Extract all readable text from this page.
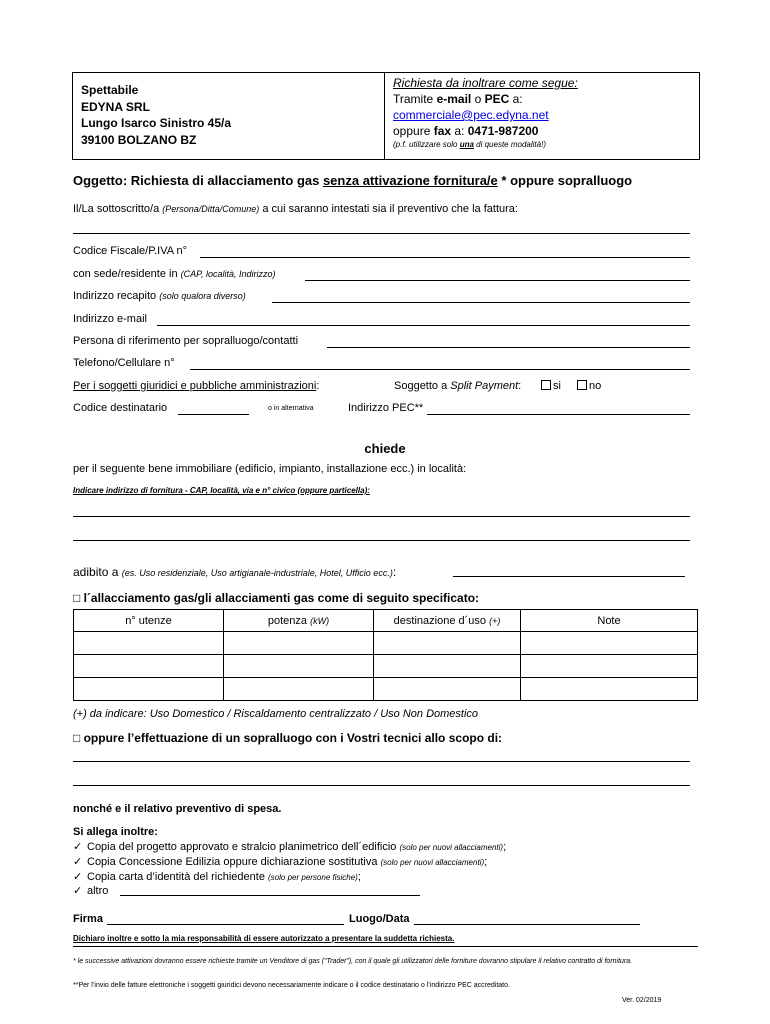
Spettabile
EDYNA SRL
Lungo Isarco Sinistro 45/a
39100 BOLZANO BZ
Richiesta da inoltrare come segue:
Tramite e-mail o PEC a:
commerciale@pec.edyna.net
oppure fax a: 0471-987200
(p.f. utilizzare solo una di queste modalità!)
Oggetto: Richiesta di allacciamento gas senza attivazione fornitura/e * oppure sopralluogo
Il/La sottoscritto/a (Persona/Ditta/Comune) a cui saranno intestati sia il preventivo che la fattura:
Codice Fiscale/P.IVA n°
con sede/residente in (CAP, località, Indirizzo)
Indirizzo recapito (solo qualora diverso)
Indirizzo e-mail
Persona di riferimento per sopralluogo/contatti
Telefono/Cellulare n°
Per i soggetti giuridici e pubbliche amministrazioni:	Soggetto a Split Payment:	si	no
Codice destinatario	o in alternativa	Indirizzo PEC**
chiede
per il seguente bene immobiliare (edificio, impianto, installazione ecc.) in località:
Indicare indirizzo di fornitura - CAP, località, via e n° civico (oppure particella):
adibito a (es. Uso residenziale, Uso artigianale-industriale, Hotel, Ufficio ecc.):
□ l´allacciamento gas/gli allacciamenti gas come di seguito specificato:
n° utenze	potenza (kW)	destinazione d´uso (+)	Note

(+) da indicare: Uso Domestico / Riscaldamento centralizzato / Uso Non Domestico
□ oppure l’effettuazione di un sopralluogo con i Vostri tecnici allo scopo di:
nonché e il relativo preventivo di spesa.
Si allega inoltre:
✓ Copia del progetto approvato e stralcio planimetrico dell´edificio (solo per nuovi allacciamenti);
✓ Copia Concessione Edilizia oppure dichiarazione sostitutiva (solo per nuovi allacciamenti);
✓ Copia carta d’identità del richiedente (solo per persone fisiche);
✓ altro
Firma	Luogo/Data
Dichiaro inoltre e sotto la mia responsabilità di essere autorizzato a presentare la suddetta richiesta.
* le successive attivazioni dovranno essere richieste tramite un Venditore di gas (“Trader”), con il quale gli utilizzatori delle forniture dovranno stipulare il relativo contratto di fornitura.
**Per l’invio delle fatture elettroniche i soggetti giuridici devono necessariamente indicare o il codice destinatario o l’indirizzo PEC accreditato.
Ver. 02/2019
